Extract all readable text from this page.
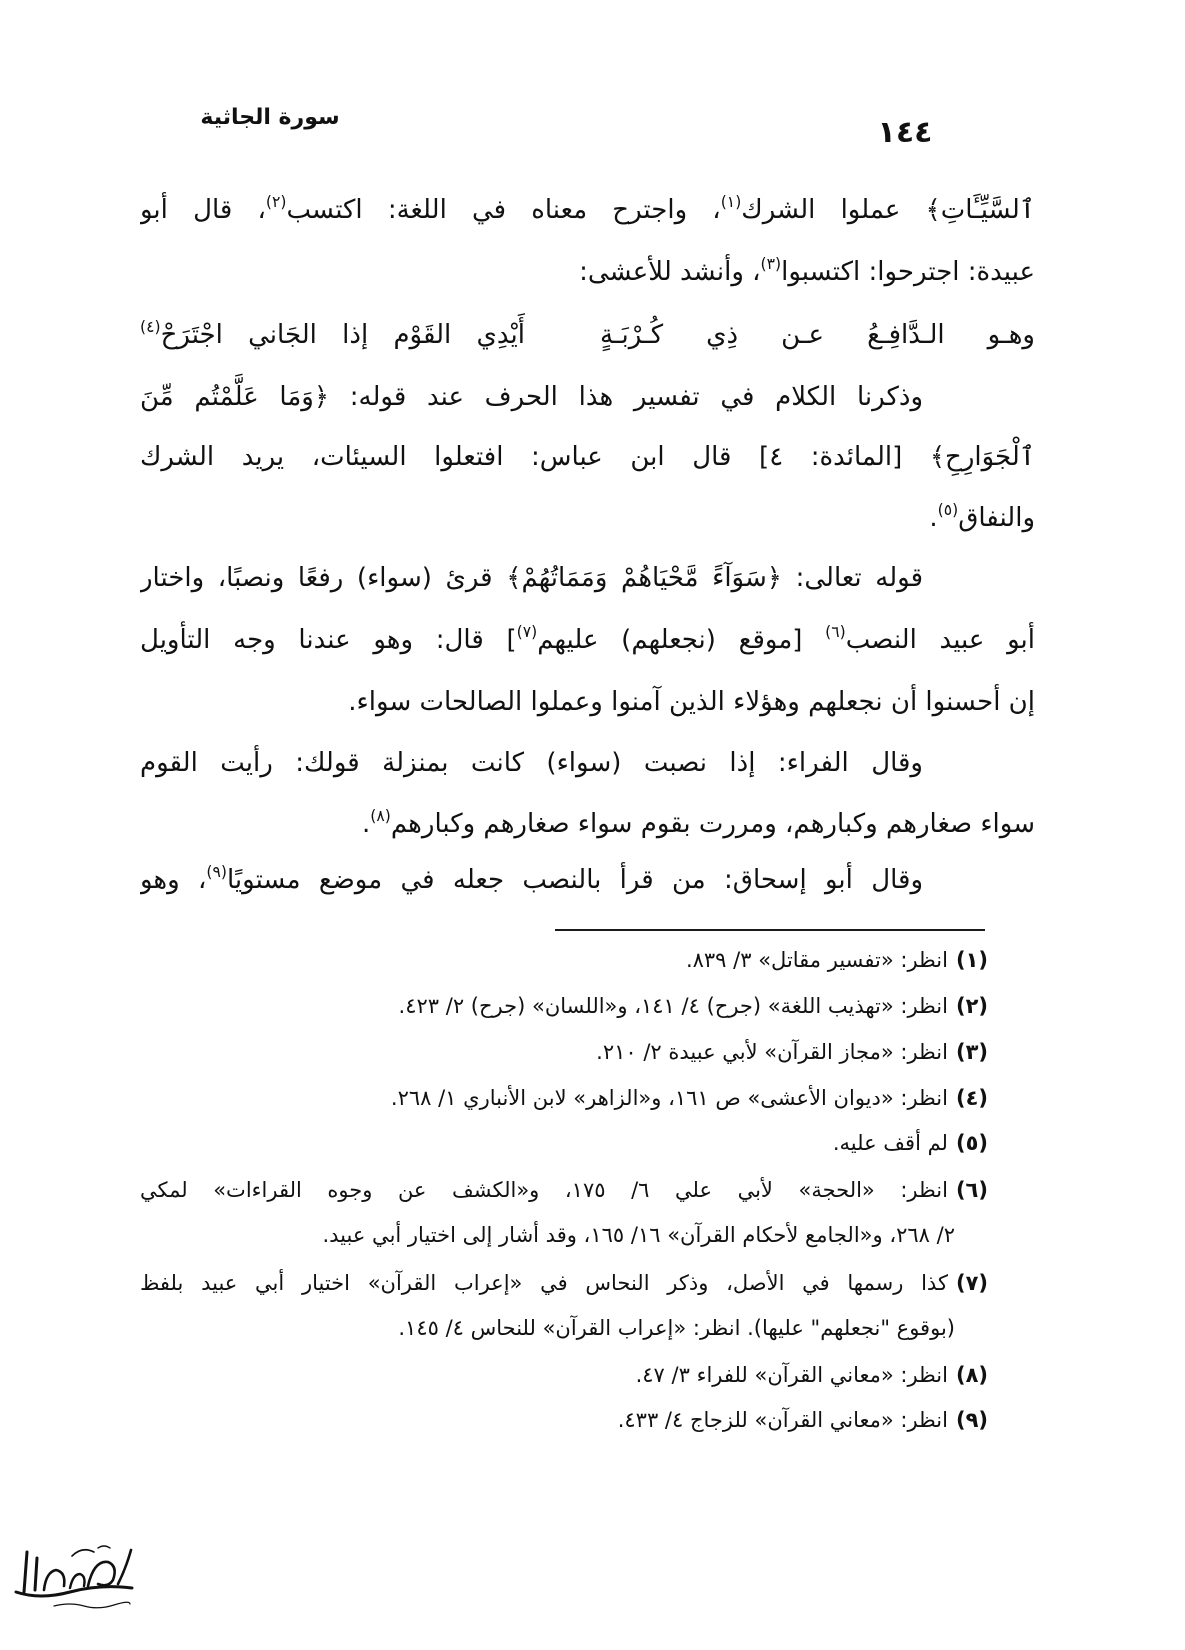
١٤٤
سورة الجاثية
ٱلسَّيِّـَٔاتِ﴾ عملوا الشرك$^{(١)}$، واجترح معناه في اللغة: اكتسب$^{(٢)}$، قال أبو
عبيدة: اجترحوا: اكتسبوا$^{(٣)}$، وأنشد للأعشى:
وهـو الـدَّافِـعُ عـن ذِي كُـرْبَـةٍ
أَيْدِي القَوْم إذا الجَاني اجْتَرَحْ$^{(٤)}$
وذكرنا الكلام في تفسير هذا الحرف عند قوله: ﴿وَمَا عَلَّمْتُم مِّنَ
ٱلْجَوَارِحِ﴾ [المائدة: ٤] قال ابن عباس: افتعلوا السيئات، يريد الشرك
والنفاق$^{(٥)}$.
قوله تعالى: ﴿سَوَآءً مَّحْيَاهُمْ وَمَمَاتُهُمْ﴾ قرئ (سواء) رفعًا ونصبًا، واختار
أبو عبيد النصب$^{(٦)}$ [موقع (نجعلهم) عليهم$^{(٧)}$] قال: وهو عندنا وجه التأويل
إن أحسنوا أن نجعلهم وهؤلاء الذين آمنوا وعملوا الصالحات سواء.
وقال الفراء: إذا نصبت (سواء) كانت بمنزلة قولك: رأيت القوم
سواء صغارهم وكبارهم، ومررت بقوم سواء صغارهم وكبارهم$^{(٨)}$.
وقال أبو إسحاق: من قرأ بالنصب جعله في موضع مستويًا$^{(٩)}$، وهو
(١)انظر: «تفسير مقاتل» ٣/ ٨٣٩.
(٢)انظر: «تهذيب اللغة» (جرح) ٤/ ١٤١، و«اللسان» (جرح) ٢/ ٤٢٣.
(٣)انظر: «مجاز القرآن» لأبي عبيدة ٢/ ٢١٠.
(٤)انظر: «ديوان الأعشى» ص ١٦١، و«الزاهر» لابن الأنباري ١/ ٢٦٨.
(٥)لم أقف عليه.
(٦)انظر: «الحجة» لأبي علي ٦/ ١٧٥، و«الكشف عن وجوه القراءات» لمكي
٢/ ٢٦٨، و«الجامع لأحكام القرآن» ١٦/ ١٦٥، وقد أشار إلى اختيار أبي عبيد.
(٧)كذا رسمها في الأصل، وذكر النحاس في «إعراب القرآن» اختيار أبي عبيد بلفظ
(بوقوع "نجعلهم" عليها). انظر: «إعراب القرآن» للنحاس ٤/ ١٤٥.
(٨)انظر: «معاني القرآن» للفراء ٣/ ٤٧.
(٩)انظر: «معاني القرآن» للزجاج ٤/ ٤٣٣.
